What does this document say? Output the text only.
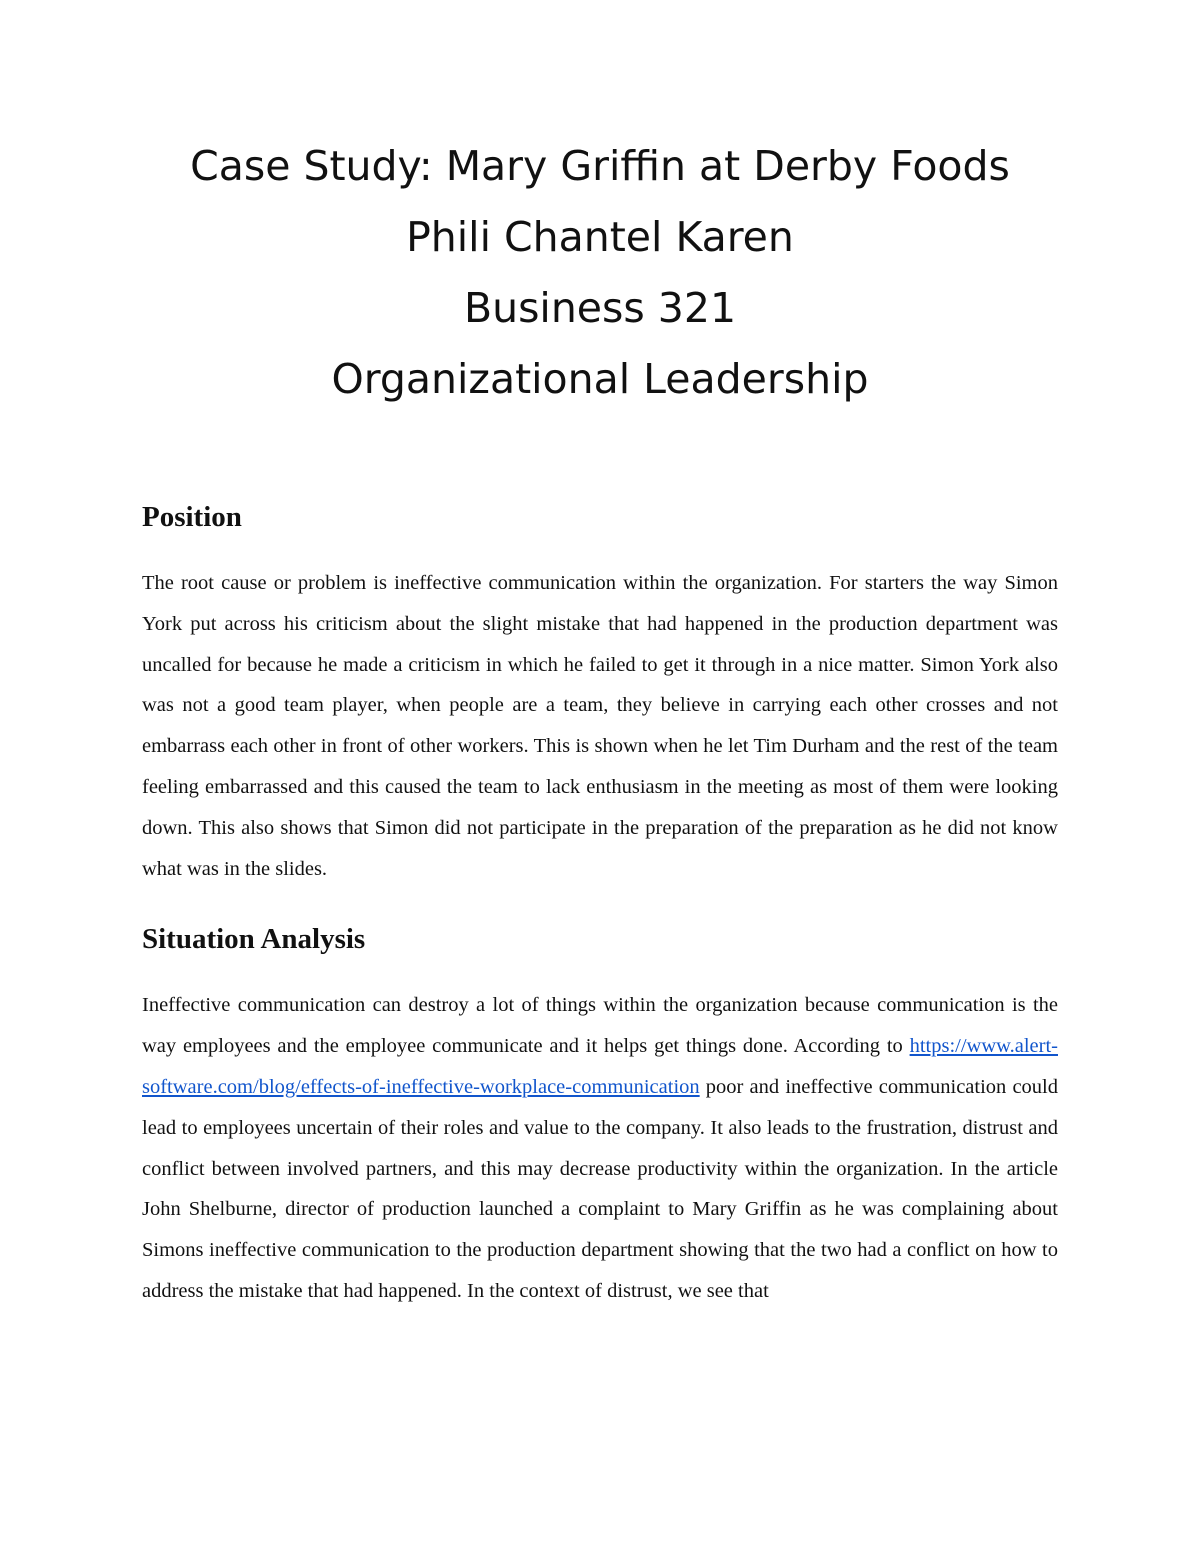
Case Study: Mary Griffin at Derby Foods
Phili Chantel Karen
Business 321
Organizational Leadership
Position

The root cause or problem is ineffective communication within the organization. For starters the way Simon York put across his criticism about the slight mistake that had happened in the production department was uncalled for because he made a criticism in which he failed to get it through in a nice matter. Simon York also was not a good team player, when people are a team, they believe in carrying each other crosses and not embarrass each other in front of other workers. This is shown when he let Tim Durham and the rest of the team feeling embarrassed and this caused the team to lack enthusiasm in the meeting as most of them were looking down. This also shows that Simon did not participate in the preparation of the preparation as he did not know what was in the slides.

Situation Analysis

Ineffective communication can destroy a lot of things within the organization because communication is the way employees and the employee communicate and it helps get things done. According to https://www.alert-software.com/blog/effects-of-ineffective-workplace-communication poor and ineffective communication could lead to employees uncertain of their roles and value to the company. It also leads to the frustration, distrust and conflict between involved partners, and this may decrease productivity within the organization. In the article John Shelburne, director of production launched a complaint to Mary Griffin as he was complaining about Simons ineffective communication to the production department showing that the two had a conflict on how to address the mistake that had happened. In the context of distrust, we see that
